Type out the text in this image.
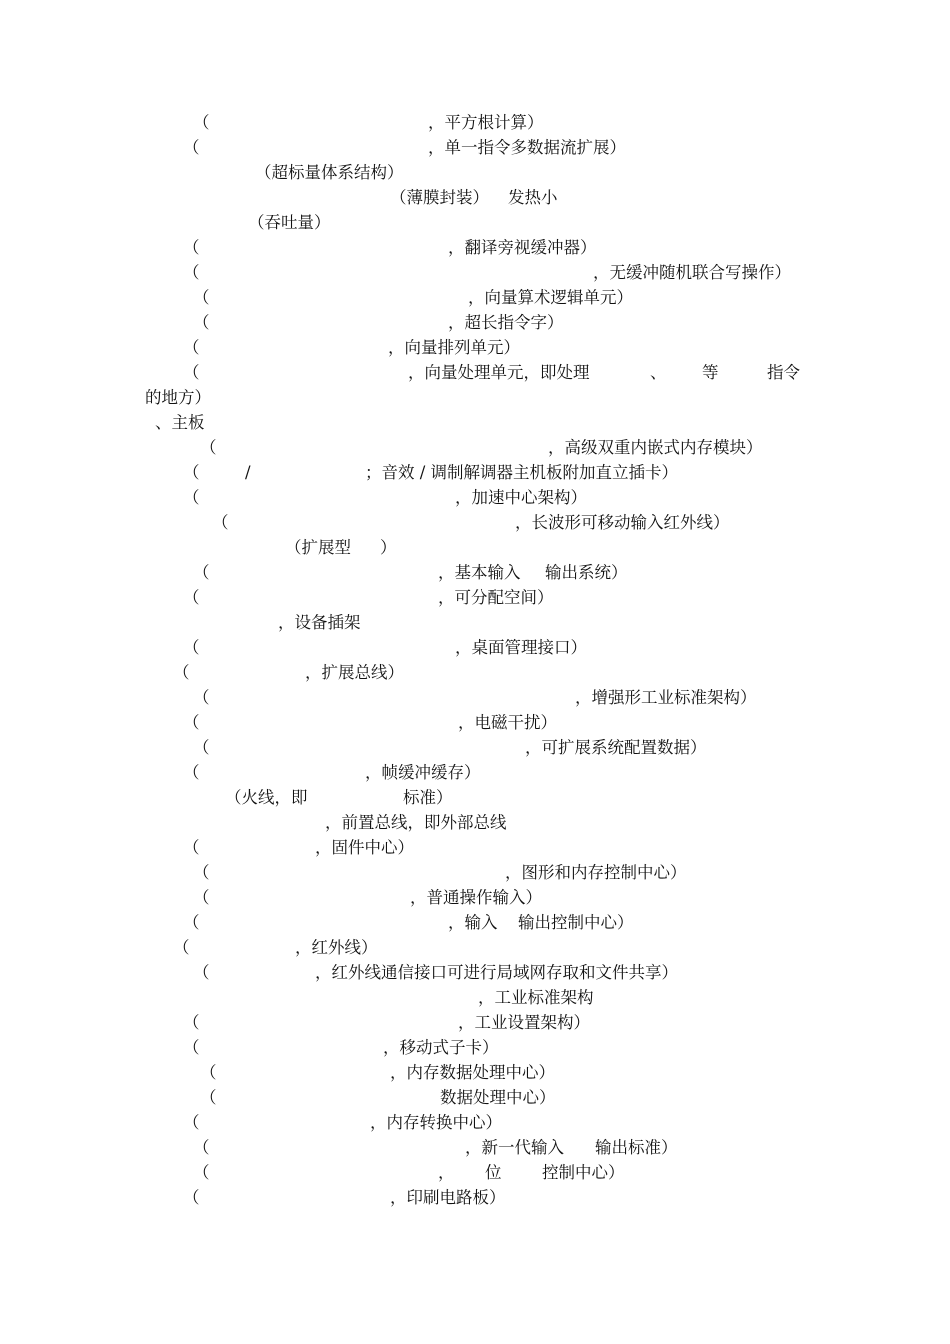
（	，平方根计算）
（	，单一指令多数据流扩展）
（超标量体系结构）
（薄膜封装） 发热小
（吞吐量）
（	，翻译旁视缓冲器）
（	，无缓冲随机联合写操作）
（	，向量算术逻辑单元）
（	，超长指令字）
（	，向量排列单元）
（	，向量处理单元，即处理	、 等	指令
的地方）
、主板
（	，高级双重内嵌式内存模块）
（	/	；音效 / 调制解调器主机板附加直立插卡）
（	，加速中心架构）
（	，长波形可移动输入红外线）
（扩展型 ）
（	，基本输入 输出系统）
（	，可分配空间）
，设备插架
（	，桌面管理接口）
（	，扩展总线）
（	，增强形工业标准架构）
（	，电磁干扰）
（	，可扩展系统配置数据）
（	，帧缓冲缓存）
（火线，即	标准）
，前置总线，即外部总线
（	，固件中心）
（	，图形和内存控制中心）
（	，普通操作输入）
（	，输入 输出控制中心）
（	，红外线）
（	，红外线通信接口可进行局域网存取和文件共享）
，工业标准架构
（	，工业设置架构）
（	，移动式子卡）
（	，内存数据处理中心）
（	数据处理中心）
（	，内存转换中心）
（	，新一代输入 输出标准）
（	， 位 控制中心）
（	，印刷电路板）
